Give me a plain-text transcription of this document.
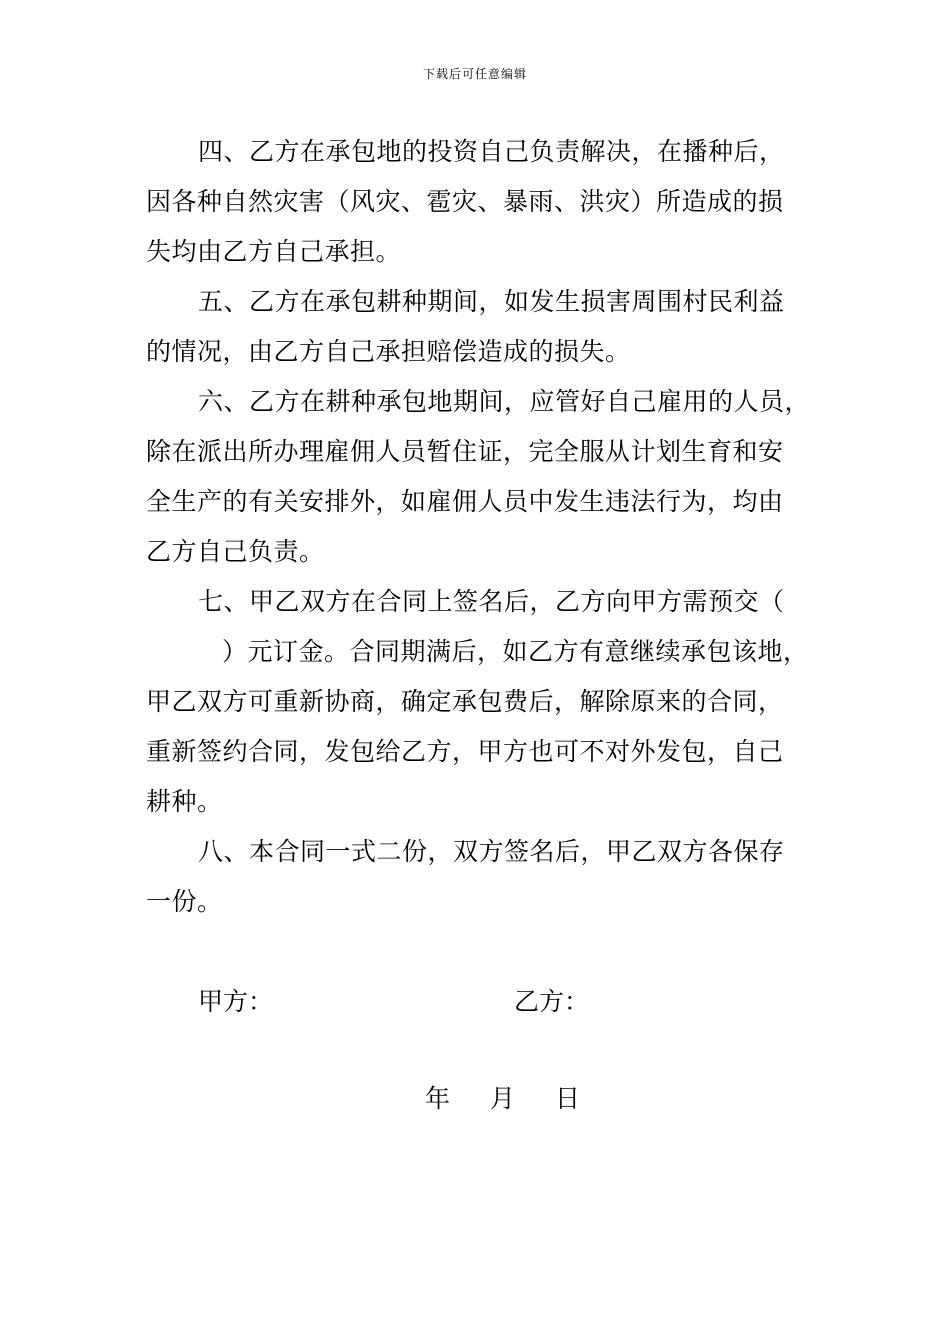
下载后可任意编辑
四、乙方在承包地的投资自己负责解决，在播种后，
因各种自然灾害（风灾、雹灾、暴雨、洪灾）所造成的损
失均由乙方自己承担。
五、乙方在承包耕种期间，如发生损害周围村民利益
的情况，由乙方自己承担赔偿造成的损失。
六、乙方在耕种承包地期间，应管好自己雇用的人员，
除在派出所办理雇佣人员暂住证，完全服从计划生育和安
全生产的有关安排外，如雇佣人员中发生违法行为，均由
乙方自己负责。
七、甲乙双方在合同上签名后，乙方向甲方需预交（
）元订金。合同期满后，如乙方有意继续承包该地，
甲乙双方可重新协商，确定承包费后，解除原来的合同，
重新签约合同，发包给乙方，甲方也可不对外发包，自己
耕种。
八、本合同一式二份，双方签名后，甲乙双方各保存
一份。
甲方：	乙方：
年 月 日
